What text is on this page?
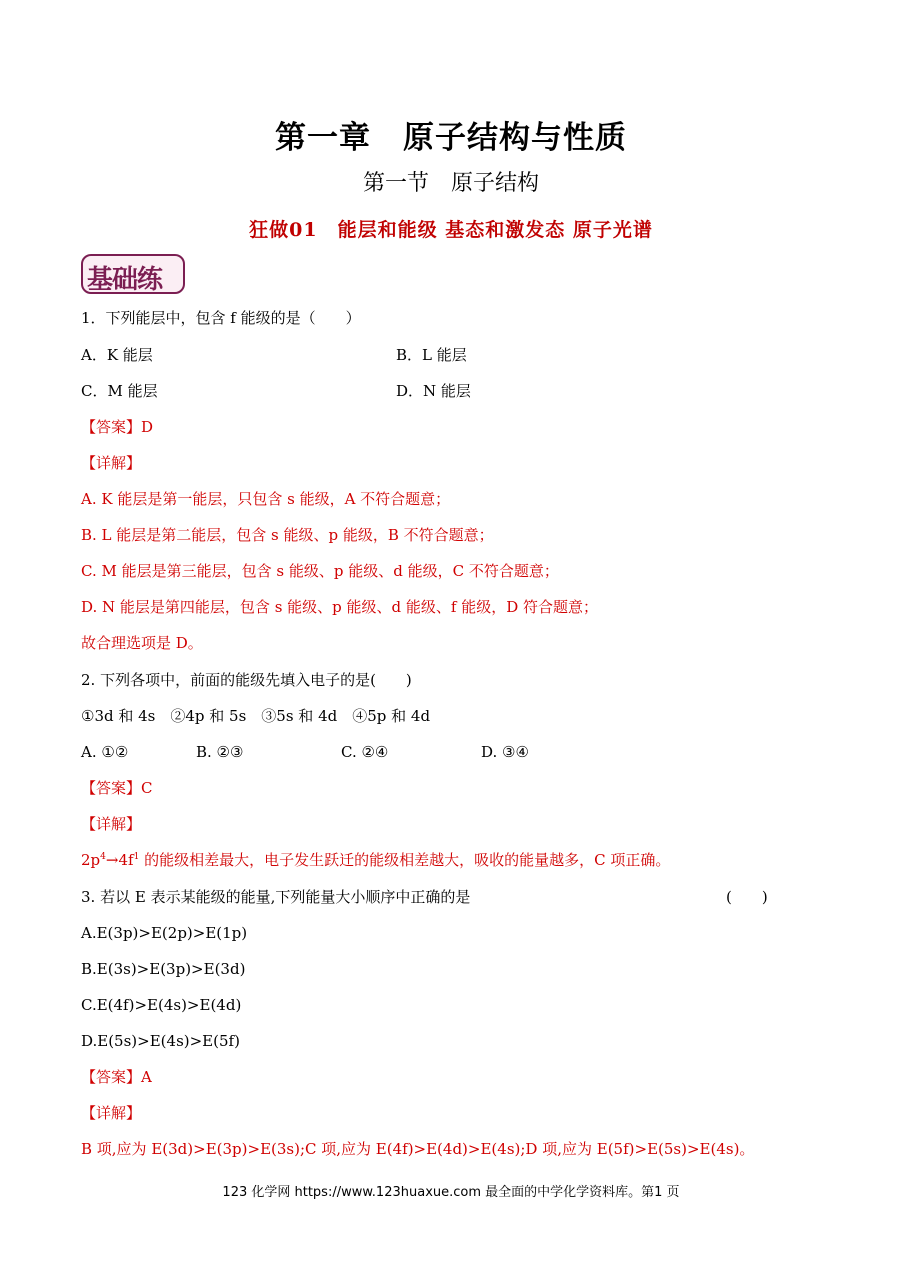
第一章　原子结构与性质
第一节　原子结构
狂做01　能层和能级 基态和激发态 原子光谱
基础练
1．下列能层中，包含 f 能级的是（　　）
A．K 能层	B．L 能层
C．M 能层	D．N 能层
【答案】D
【详解】
A. K 能层是第一能层，只包含 s 能级，A 不符合题意；
B. L 能层是第二能层，包含 s 能级、p 能级，B 不符合题意；
C. M 能层是第三能层，包含 s 能级、p 能级、d 能级，C 不符合题意；
D. N 能层是第四能层，包含 s 能级、p 能级、d 能级、f 能级，D 符合题意；
故合理选项是 D。
2. 下列各项中，前面的能级先填入电子的是(　　)
①3d 和 4s　②4p 和 5s　③5s 和 4d　④5p 和 4d
A. ①②	B. ②③	C. ②④	D. ③④
【答案】C
【详解】
$2p^4\to 4f^1$ 的能级相差最大，电子发生跃迁的能级相差越大，吸收的能量越多，C 项正确。
3. 若以 E 表示某能级的能量,下列能量大小顺序中正确的是	(　　)
A.E(3p)>E(2p)>E(1p)
B.E(3s)>E(3p)>E(3d)
C.E(4f)>E(4s)>E(4d)
D.E(5s)>E(4s)>E(5f)
【答案】A
【详解】
B 项,应为 E(3d)>E(3p)>E(3s);C 项,应为 E(4f)>E(4d)>E(4s);D 项,应为 E(5f)>E(5s)>E(4s)。
123 化学网 https://www.123huaxue.com 最全面的中学化学资料库。第1 页
